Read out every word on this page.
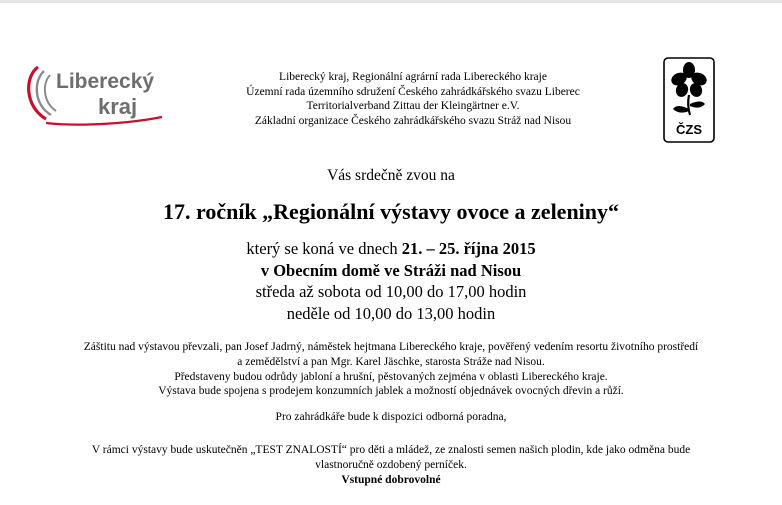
Liberecký
kraj
ČZS
Liberecký kraj, Regionální agrární rada Libereckého kraje
Územní rada územního sdružení Českého zahrádkářského svazu Liberec
Territorialverband Zittau der Kleingärtner e.V.
Základní organizace Českého zahrádkářského svazu Stráž nad Nisou
Vás srdečně zvou na
17. ročník „Regionální výstavy ovoce a zeleniny“
který se koná ve dnech 21. – 25. října 2015
v Obecním domě ve Stráži nad Nisou
středa až sobota od 10,00 do 17,00 hodin
neděle od 10,00 do 13,00 hodin

Záštitu nad výstavou převzali, pan Josef Jadrný, náměstek hejtmana Libereckého kraje, pověřený vedením resortu životního prostředí

a zemědělství a pan Mgr. Karel Jäschke, starosta Stráže nad Nisou.

Představeny budou odrůdy jabloní a hrušní, pěstovaných zejména v oblasti Libereckého kraje.

Výstava bude spojena s prodejem konzumních jablek a možností objednávek ovocných dřevin a růží.

Pro zahrádkáře bude k dispozici odborná poradna,

V rámci výstavy bude uskutečněn „TEST ZNALOSTÍ“ pro děti a mládež, ze znalosti semen našich plodin, kde jako odměna bude

vlastnoručně ozdobený perníček.

Vstupné dobrovolné
